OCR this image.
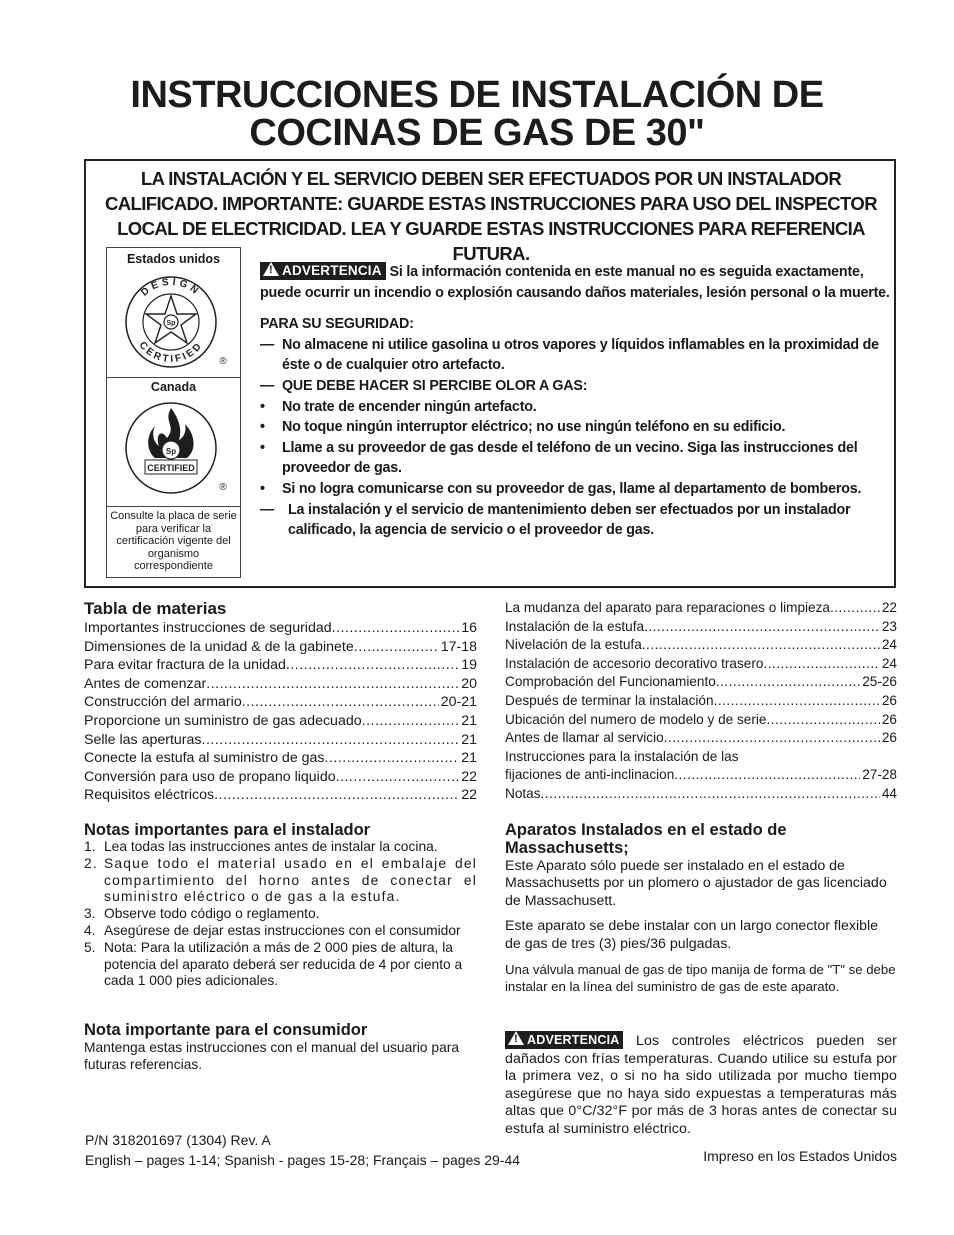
INSTRUCCIONES DE INSTALACIÓN DE
COCINAS DE GAS DE 30"
LA INSTALACIÓN Y EL SERVICIO DEBEN SER EFECTUADOS POR UN INSTALADOR
CALIFICADO. IMPORTANTE: GUARDE ESTAS INSTRUCCIONES PARA USO DEL INSPECTOR
LOCAL DE ELECTRICIDAD. LEA Y GUARDE ESTAS INSTRUCCIONES PARA REFERENCIA
FUTURA.
Estados unidos
DESIGN
CERTIFIED
Sp
®
Canada
Sp
CERTIFIED
®
Consulte la placa de serie para verificar la certificación vigente del organismo correspondiente
! ADVERTENCIA Si la información contenida en este manual no es seguida exactamente, puede ocurrir un incendio o explosión causando daños materiales, lesión personal o la muerte.
PARA SU SEGURIDAD:
— No almacene ni utilice gasolina u otros vapores y líquidos inflamables en la proximidad de éste o de cualquier otro artefacto.
— QUE DEBE HACER SI PERCIBE OLOR A GAS:
• No trate de encender ningún artefacto.
• No toque ningún interruptor eléctrico; no use ningún teléfono en su edificio.
• Llame a su proveedor de gas desde el teléfono de un vecino. Siga las instrucciones del proveedor de gas.
• Si no logra comunicarse con su proveedor de gas, llame al departamento de bomberos.
— La instalación y el servicio de mantenimiento deben ser efectuados por un instalador calificado, la agencia de servicio o el proveedor de gas.
Tabla de materias
Importantes instrucciones de seguridad .....	16
Dimensiones de la unidad & de la gabinete .....	17-18
Para evitar fractura de la unidad .....	19
Antes de comenzar .....	20
Construcción del armario .....	20-21
Proporcione un suministro de gas adecuado .....	21
Selle las aperturas .....	21
Conecte la estufa al suministro de gas .....	21
Conversión para uso de propano liquido .....	22
Requisitos eléctricos .....	22
La mudanza del aparato para reparaciones o limpieza .....	22
Instalación de la estufa .....	23
Nivelación de la estufa .....	24
Instalación de accesorio decorativo trasero .....	24
Comprobación del Funcionamiento .....	25-26
Después de terminar la instalación .....	26
Ubicación del numero de modelo y de serie .....	26
Antes de llamar al servicio .....	26
Instrucciones para la instalación de las
fijaciones de anti-inclinacion .....	27-28
Notas .....	44
Notas importantes para el instalador
1. Lea todas las instrucciones antes de instalar la cocina.
2. Saque todo el material usado en el embalaje del compartimiento del horno antes de conectar el suministro eléctrico o de gas a la estufa.
3. Observe todo código o reglamento.
4. Asegúrese de dejar estas instrucciones con el consumidor
5. Nota: Para la utilización a más de 2 000 pies de altura, la potencia del aparato deberá ser reducida de 4 por ciento a cada 1 000 pies adicionales.
Nota importante para el consumidor
Mantenga estas instrucciones con el manual del usuario para futuras referencias.
Aparatos Instalados en el estado de Massachusetts;
Este Aparato sólo puede ser instalado en el estado de Massachusetts por un plomero o ajustador de gas licenciado de Massachusett.
Este aparato se debe instalar con un largo conector flexible de gas de tres (3) pies/36 pulgadas.
Una válvula manual de gas de tipo manija de forma de "T" se debe instalar en la línea del suministro de gas de este aparato.
! ADVERTENCIA Los controles eléctricos pueden ser dañados con frías temperaturas. Cuando utilice su estufa por la primera vez, o si no ha sido utilizada por mucho tiempo asegúrese que no haya sido expuestas a temperaturas más altas que 0°C/32°F por más de 3 horas antes de conectar su estufa al suministro eléctrico.
P/N 318201697 (1304) Rev. A
English – pages 1-14; Spanish - pages 15-28; Français – pages 29-44	Impreso en los Estados Unidos
